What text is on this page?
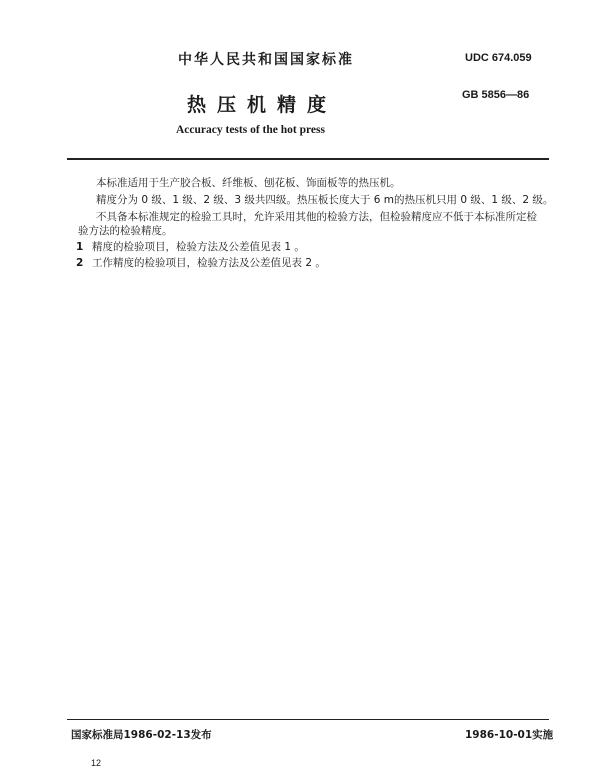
中华人民共和国国家标准	UDC 674.059
GB 5856—86
热压机精度
Accuracy tests of the hot press
本标准适用于生产胶合板、纤维板、刨花板、饰面板等的热压机。
精度分为 0 级、1 级、2 级、3 级共四级。热压板长度大于 6 m的热压机只用 0 级、1 级、2 级。
不具备本标准规定的检验工具时，允许采用其他的检验方法，但检验精度应不低于本标准所定检
验方法的检验精度。
1 精度的检验项目，检验方法及公差值见表 1 。
2 工作精度的检验项目，检验方法及公差值见表 2 。
国家标准局1986-02-13发布	1986-10-01实施
12
